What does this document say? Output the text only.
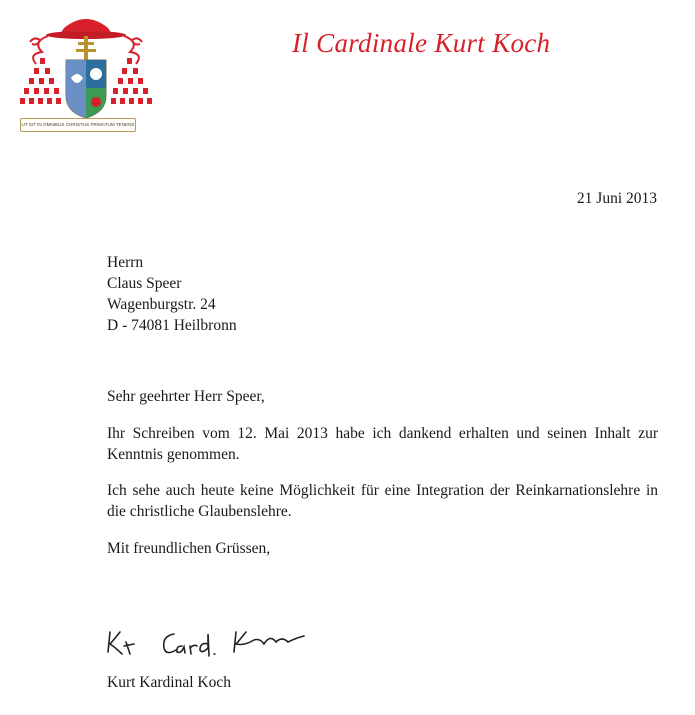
UT SIT IN OMNIBUS CHRISTUS PRIMATUM TENENS
Il Cardinale Kurt Koch
21 Juni 2013
Herrn
Claus Speer
Wagenburgstr. 24
D - 74081 Heilbronn
Sehr geehrter Herr Speer,
Ihr Schreiben vom 12. Mai 2013 habe ich dankend erhalten und seinen Inhalt zur Kenntnis genommen.
Ich sehe auch heute keine Möglichkeit für eine Integration der Reinkarnationslehre in die christliche Glaubenslehre.
Mit freundlichen Grüssen,
Kurt Kardinal Koch
